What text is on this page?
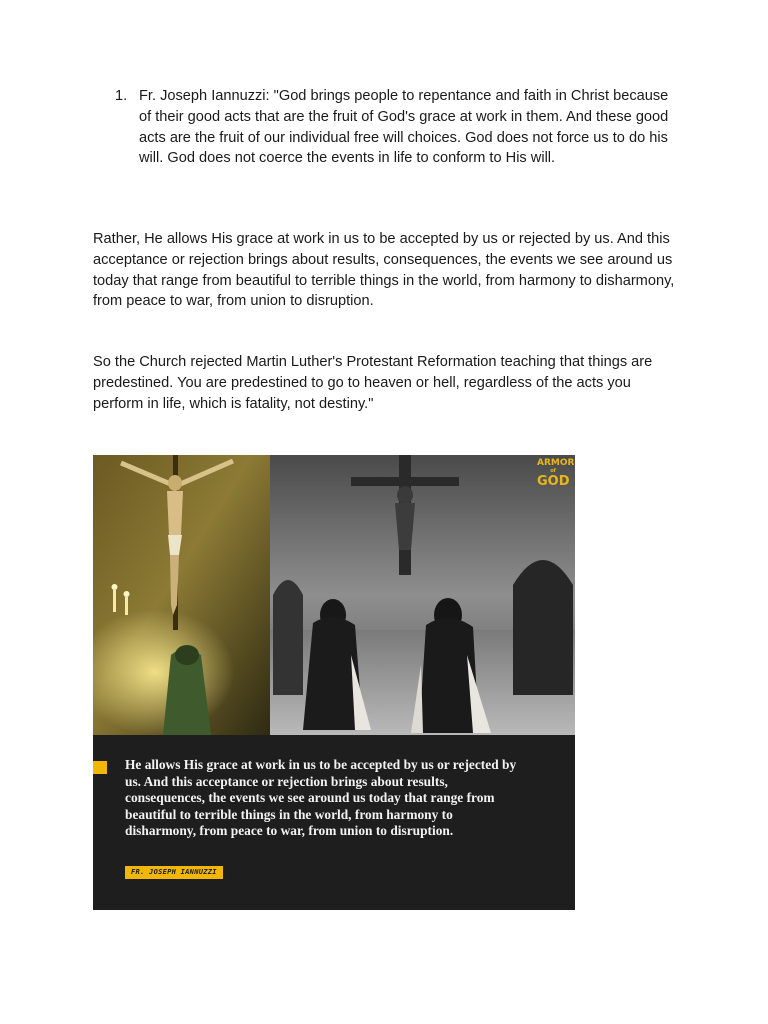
1. Fr. Joseph Iannuzzi: "God brings people to repentance and faith in Christ because of their good acts that are the fruit of God's grace at work in them. And these good acts are the fruit of our individual free will choices. God does not force us to do his will. God does not coerce the events in life to conform to His will.

Rather, He allows His grace at work in us to be accepted by us or rejected by us. And this acceptance or rejection brings about results, consequences, the events we see around us today that range from beautiful to terrible things in the world, from harmony to disharmony, from peace to war, from union to disruption.

So the Church rejected Martin Luther's Protestant Reformation teaching that things are predestined. You are predestined to go to heaven or hell, regardless of the acts you perform in life, which is fatality, not destiny."

ARMOR
of
GOD
He allows His grace at work in us to be accepted by us or rejected by us. And this acceptance or rejection brings about results, consequences, the events we see around us today that range from beautiful to terrible things in the world, from harmony to disharmony, from peace to war, from union to disruption.
FR. JOSEPH IANNUZZI
